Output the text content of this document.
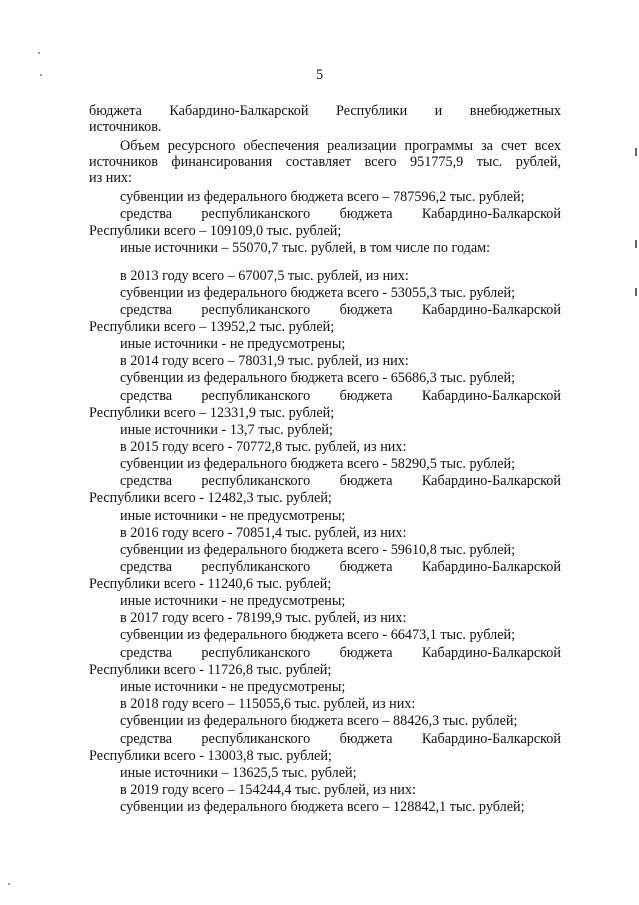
5
бюджета Кабардино-Балкарской Республики и внебюджетных
источников.
Объем ресурсного обеспечения реализации программы за счет всех
источников финансирования составляет всего 951775,9 тыс. рублей,
из них:
субвенции из федерального бюджета всего – 787596,2 тыс. рублей;
средства республиканского бюджета Кабардино-Балкарской
Республики всего – 109109,0 тыс. рублей;
иные источники – 55070,7 тыс. рублей, в том числе по годам:
в 2013 году всего – 67007,5 тыс. рублей, из них:
субвенции из федерального бюджета всего - 53055,3 тыс. рублей;
средства республиканского бюджета Кабардино-Балкарской
Республики всего – 13952,2 тыс. рублей;
иные источники - не предусмотрены;
в 2014 году всего – 78031,9 тыс. рублей, из них:
субвенции из федерального бюджета всего - 65686,3 тыс. рублей;
средства республиканского бюджета Кабардино-Балкарской
Республики всего – 12331,9 тыс. рублей;
иные источники - 13,7 тыс. рублей;
в 2015 году всего - 70772,8 тыс. рублей, из них:
субвенции из федерального бюджета всего - 58290,5 тыс. рублей;
средства республиканского бюджета Кабардино-Балкарской
Республики всего - 12482,3 тыс. рублей;
иные источники - не предусмотрены;
в 2016 году всего - 70851,4 тыс. рублей, из них:
субвенции из федерального бюджета всего - 59610,8 тыс. рублей;
средства республиканского бюджета Кабардино-Балкарской
Республики всего - 11240,6 тыс. рублей;
иные источники - не предусмотрены;
в 2017 году всего - 78199,9 тыс. рублей, из них:
субвенции из федерального бюджета всего - 66473,1 тыс. рублей;
средства республиканского бюджета Кабардино-Балкарской
Республики всего - 11726,8 тыс. рублей;
иные источники - не предусмотрены;
в 2018 году всего – 115055,6 тыс. рублей, из них:
субвенции из федерального бюджета всего – 88426,3 тыс. рублей;
средства республиканского бюджета Кабардино-Балкарской
Республики всего - 13003,8 тыс. рублей;
иные источники – 13625,5 тыс. рублей;
в 2019 году всего – 154244,4 тыс. рублей, из них:
субвенции из федерального бюджета всего – 128842,1 тыс. рублей;
